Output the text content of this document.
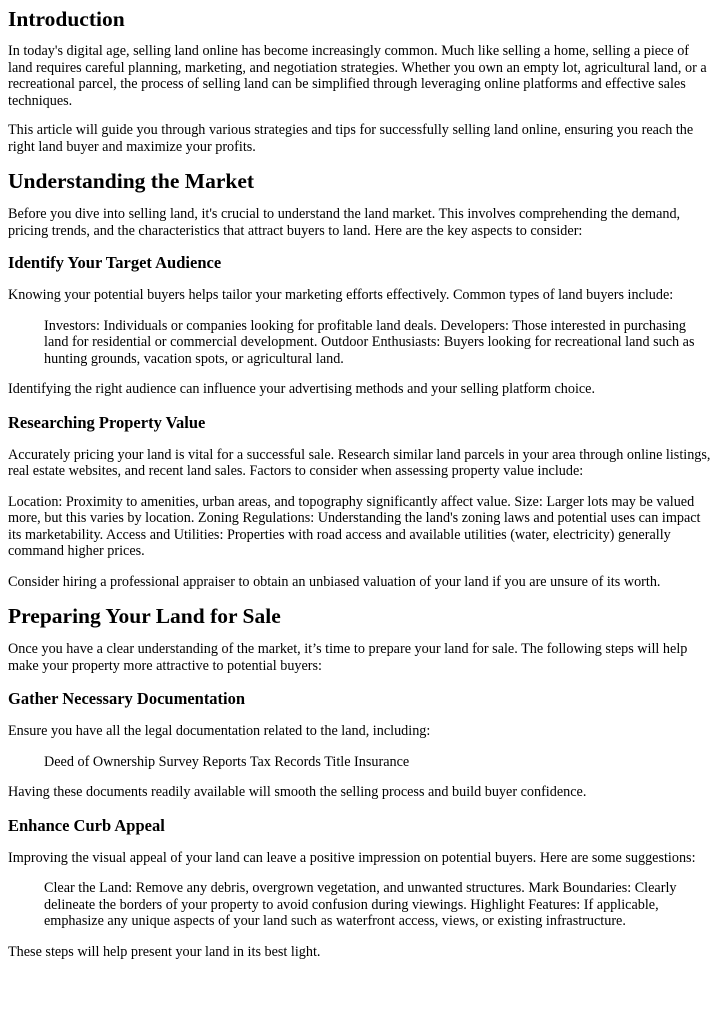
Introduction

In today's digital age, selling land online has become increasingly common. Much like selling a home, selling a piece of land requires careful planning, marketing, and negotiation strategies. Whether you own an empty lot, agricultural land, or a recreational parcel, the process of selling land can be simplified through leveraging online platforms and effective sales techniques.

This article will guide you through various strategies and tips for successfully selling land online, ensuring you reach the right land buyer and maximize your profits.

Understanding the Market

Before you dive into selling land, it's crucial to understand the land market. This involves comprehending the demand, pricing trends, and the characteristics that attract buyers to land. Here are the key aspects to consider:

Identify Your Target Audience

Knowing your potential buyers helps tailor your marketing efforts effectively. Common types of land buyers include:

Investors: Individuals or companies looking for profitable land deals. Developers: Those interested in purchasing land for residential or commercial development. Outdoor Enthusiasts: Buyers looking for recreational land such as hunting grounds, vacation spots, or agricultural land.

Identifying the right audience can influence your advertising methods and your selling platform choice.

Researching Property Value

Accurately pricing your land is vital for a successful sale. Research similar land parcels in your area through online listings, real estate websites, and recent land sales. Factors to consider when assessing property value include:

Location: Proximity to amenities, urban areas, and topography significantly affect value. Size: Larger lots may be valued more, but this varies by location. Zoning Regulations: Understanding the land's zoning laws and potential uses can impact its marketability. Access and Utilities: Properties with road access and available utilities (water, electricity) generally command higher prices.

Consider hiring a professional appraiser to obtain an unbiased valuation of your land if you are unsure of its worth.

Preparing Your Land for Sale

Once you have a clear understanding of the market, it’s time to prepare your land for sale. The following steps will help make your property more attractive to potential buyers:

Gather Necessary Documentation

Ensure you have all the legal documentation related to the land, including:

Deed of Ownership Survey Reports Tax Records Title Insurance

Having these documents readily available will smooth the selling process and build buyer confidence.

Enhance Curb Appeal

Improving the visual appeal of your land can leave a positive impression on potential buyers. Here are some suggestions:

Clear the Land: Remove any debris, overgrown vegetation, and unwanted structures. Mark Boundaries: Clearly delineate the borders of your property to avoid confusion during viewings. Highlight Features: If applicable, emphasize any unique aspects of your land such as waterfront access, views, or existing infrastructure.

These steps will help present your land in its best light.
